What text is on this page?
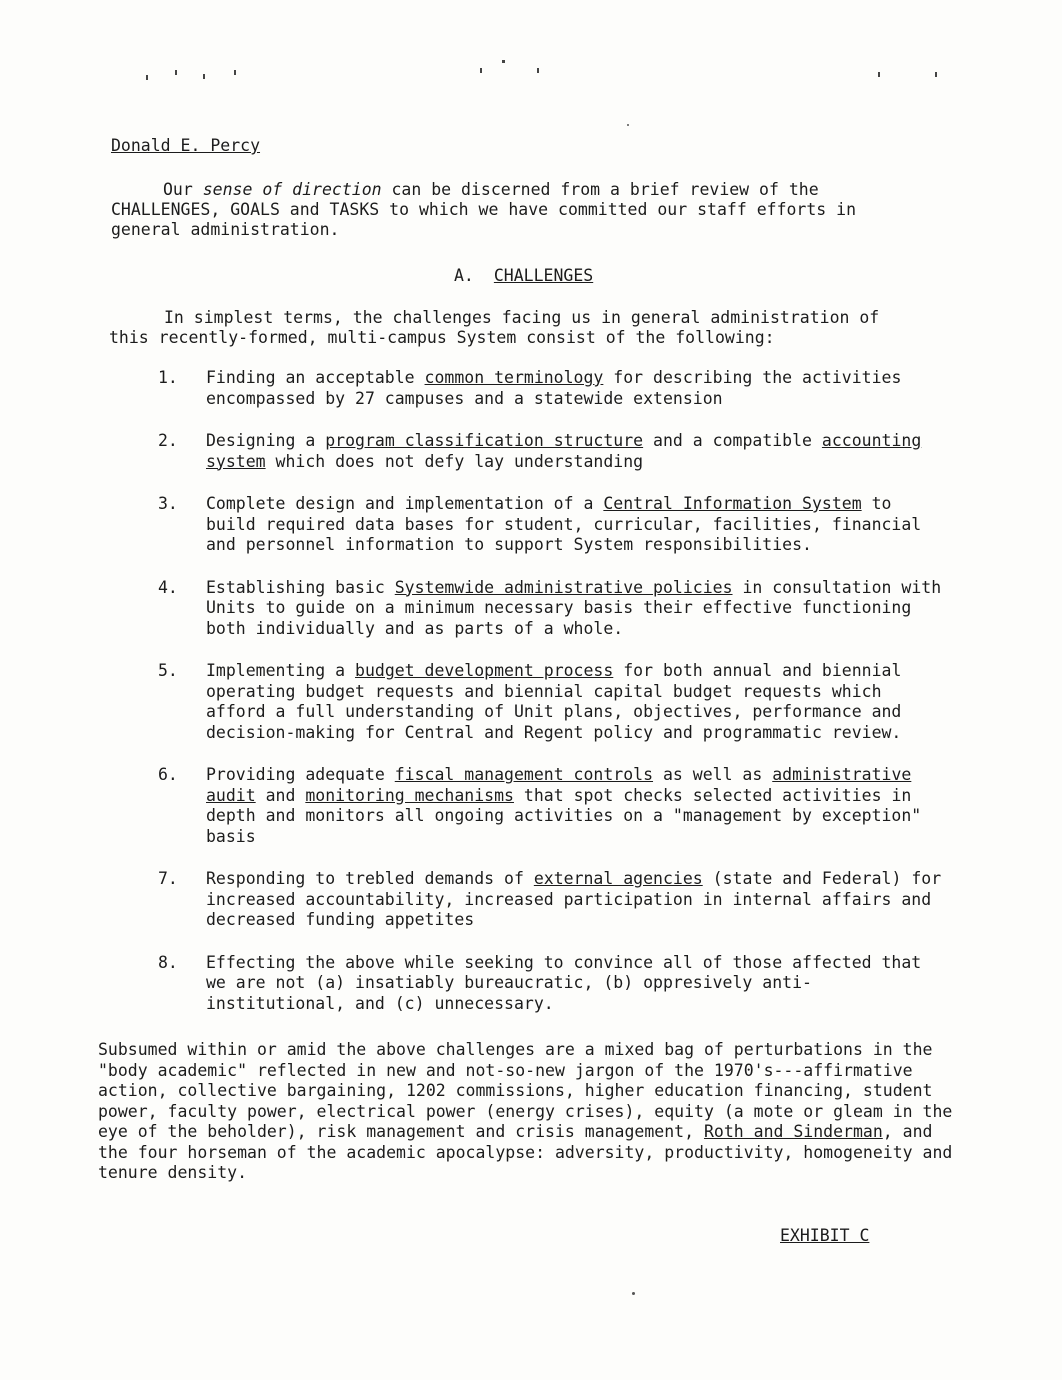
Donald E. Percy
Our sense of direction can be discerned from a brief review of the CHALLENGES, GOALS and TASKS to which we have committed our staff efforts in general administration.
A. CHALLENGES
In simplest terms, the challenges facing us in general administration of this recently-formed, multi-campus System consist of the following:
1.	Finding an acceptable common terminology for describing the activities encompassed by 27 campuses and a statewide extension
2.	Designing a program classification structure and a compatible accounting system which does not defy lay understanding
3.	Complete design and implementation of a Central Information System to build required data bases for student, curricular, facilities, financial and personnel information to support System responsibilities.
4.	Establishing basic Systemwide administrative policies in consultation with Units to guide on a minimum necessary basis their effective functioning both individually and as parts of a whole.
5.	Implementing a budget development process for both annual and biennial operating budget requests and biennial capital budget requests which afford a full understanding of Unit plans, objectives, performance and decision-making for Central and Regent policy and programmatic review.
6.	Providing adequate fiscal management controls as well as administrative audit and monitoring mechanisms that spot checks selected activities in depth and monitors all ongoing activities on a "management by exception" basis
7.	Responding to trebled demands of external agencies (state and Federal) for increased accountability, increased participation in internal affairs and decreased funding appetites
8.	Effecting the above while seeking to convince all of those affected that we are not (a) insatiably bureaucratic, (b) oppresively anti-institutional, and (c) unnecessary.
Subsumed within or amid the above challenges are a mixed bag of perturbations in the "body academic" reflected in new and not-so-new jargon of the 1970's---affirmative action, collective bargaining, 1202 commissions, higher education financing, student power, faculty power, electrical power (energy crises), equity (a mote or gleam in the eye of the beholder), risk management and crisis management, Roth and Sinderman, and the four horseman of the academic apocalypse: adversity, productivity, homogeneity and tenure density.
EXHIBIT C
